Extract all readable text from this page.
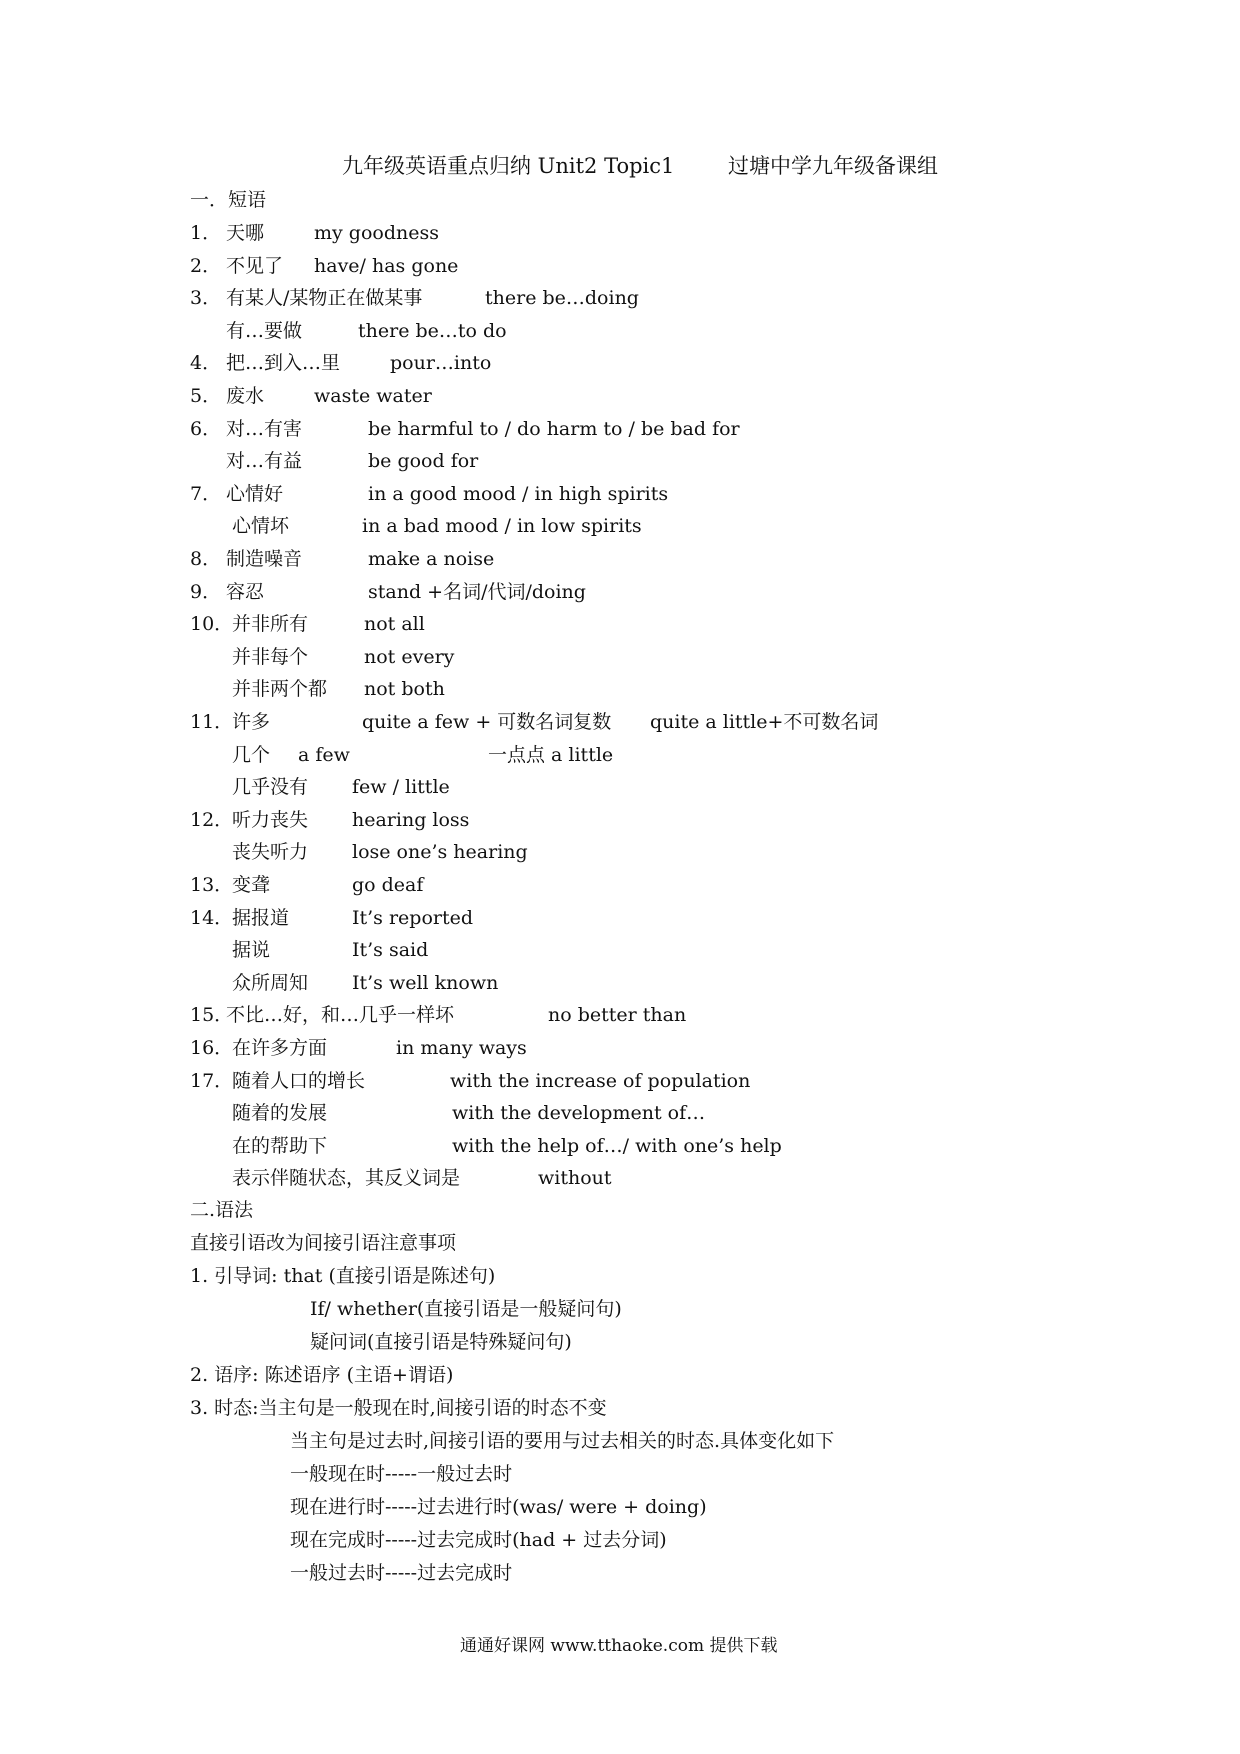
九年级英语重点归纳 Unit2 Topic1	过塘中学九年级备课组
一．短语
1． 天哪	my goodness
2． 不见了 have/ has gone
3． 有某人/某物正在做某事	there be…doing
有…要做	there be…to do
4． 把…到入…里	pour…into
5． 废水	waste water
6． 对…有害	be harmful to / do harm to / be bad for
对…有益	be good for
7． 心情好	in a good mood / in high spirits
心情坏	in a bad mood / in low spirits
8． 制造噪音	make a noise
9． 容忍	stand +名词/代词/doing
10．
并非所有	not all
并非每个	not every
并非两个都 not both
11．
许多	quite a few + 可数名词复数 quite a little+不可数名词
几个 a few	一点点 a little
几乎没有 few / little
12．
听力丧失 hearing loss
丧失听力 lose one’s hearing
13．
变聋	go deaf
14．
据报道	It’s reported
据说	It’s said
众所周知 It’s well known
15．
不比…好，和…几乎一样坏	no better than
16．
在许多方面	in many ways
17．
随着人口的增长	with the increase of population
随着的发展	with the development of…
在的帮助下	with the help of…/ with one’s help
表示伴随状态，其反义词是	without
二.语法
直接引语改为间接引语注意事项
1. 引导词: that (直接引语是陈述句)
If/ whether(直接引语是一般疑问句)
疑问词(直接引语是特殊疑问句)
2. 语序: 陈述语序 (主语+谓语)
3. 时态:当主句是一般现在时,间接引语的时态不变
当主句是过去时,间接引语的要用与过去相关的时态.具体变化如下
一般现在时-----一般过去时
现在进行时-----过去进行时(was/ were + doing)
现在完成时-----过去完成时(had + 过去分词)
一般过去时-----过去完成时
通通好课网 www.tthaoke.com 提供下载
